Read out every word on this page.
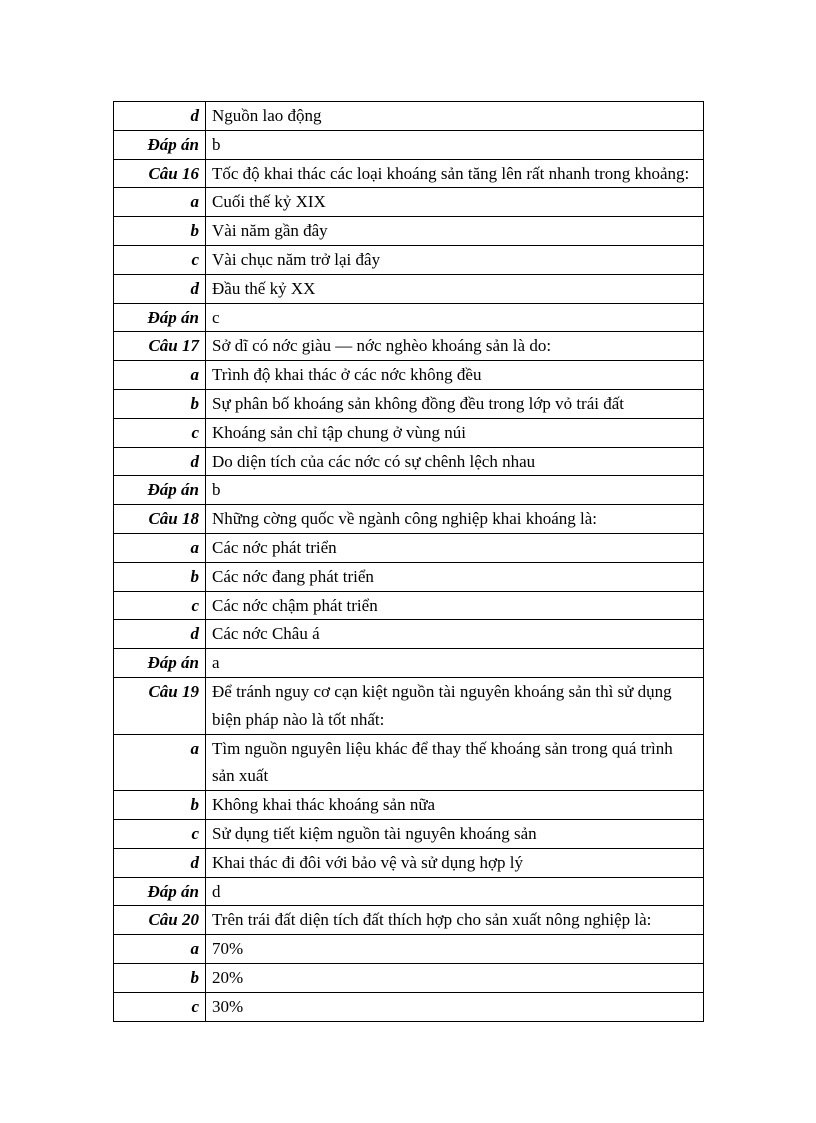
d	Nguồn lao động
Đáp án	b
Câu 16	Tốc độ khai thác các loại khoáng sản tăng lên rất nhanh trong khoảng:
a	Cuối thế kỷ XIX
b	Vài năm gần đây
c	Vài chục năm trở lại đây
d	Đầu thế kỷ XX
Đáp án	c
Câu 17	Sở dĩ có nớc giàu — nớc nghèo khoáng sản là do:
a	Trình độ khai thác ở các nớc không đều
b	Sự phân bố khoáng sản không đồng đều trong lớp vỏ trái đất
c	Khoáng sản chỉ tập chung ở vùng núi
d	Do diện tích của các nớc có sự chênh lệch nhau
Đáp án	b
Câu 18	Những cờng quốc về ngành công nghiệp khai khoáng là:
a	Các nớc phát triển
b	Các nớc đang phát triển
c	Các nớc chậm phát triển
d	Các nớc Châu á
Đáp án	a
Câu 19	Để tránh nguy cơ cạn kiệt nguồn tài nguyên khoáng sản thì sử dụng biện pháp nào là tốt nhất:
a	Tìm nguồn nguyên liệu khác để thay thế khoáng sản trong quá trình sản xuất
b	Không khai thác khoáng sản nữa
c	Sử dụng tiết kiệm nguồn tài nguyên khoáng sản
d	Khai thác đi đôi với bảo vệ và sử dụng hợp lý
Đáp án	d
Câu 20	Trên trái đất diện tích đất thích hợp cho sản xuất nông nghiệp là:
a	70%
b	20%
c	30%
